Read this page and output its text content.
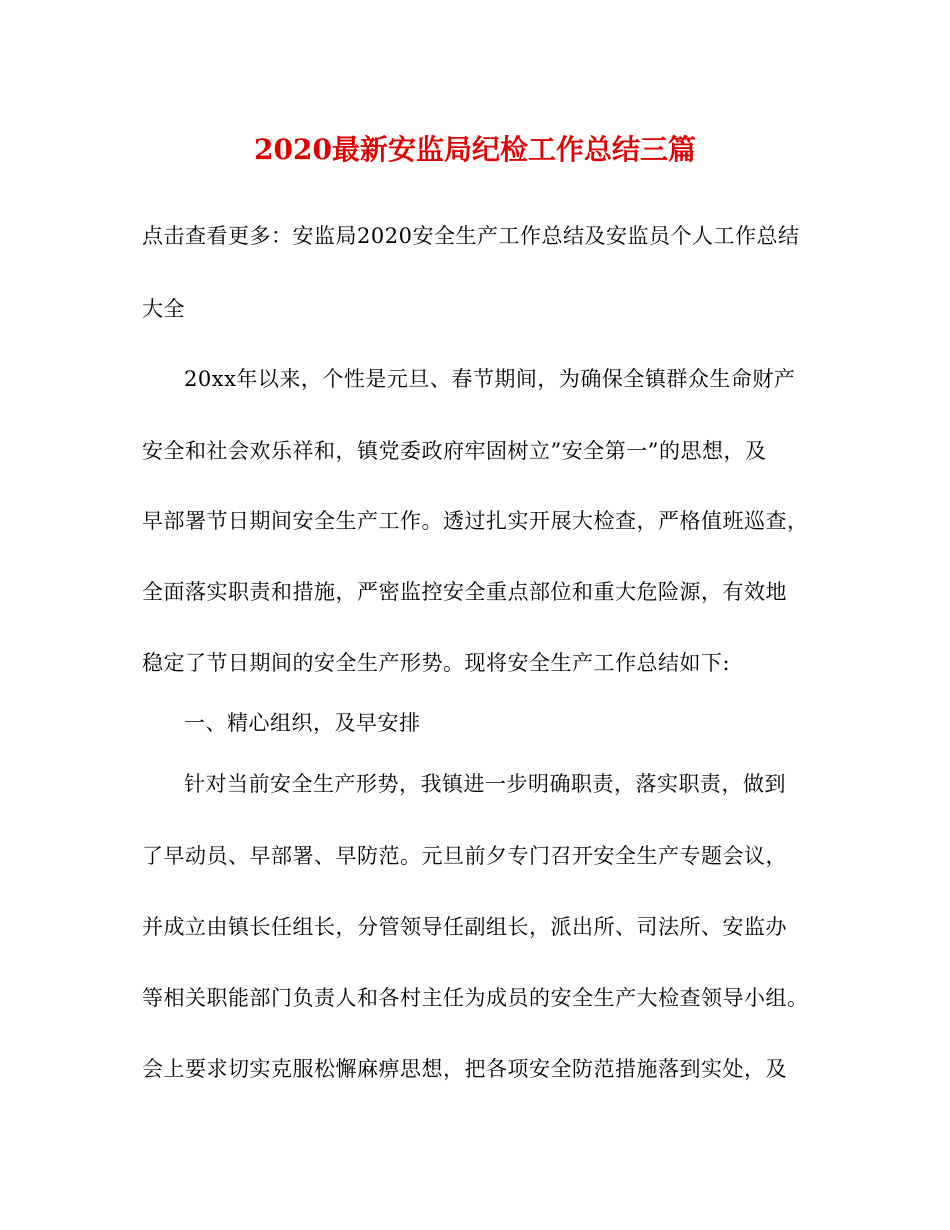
2020最新安监局纪检工作总结三篇
点击查看更多：安监局2020安全生产工作总结及安监员个人工作总结
大全
20xx年以来，个性是元旦、春节期间，为确保全镇群众生命财产
安全和社会欢乐祥和，镇党委政府牢固树立”安全第一”的思想，及
早部署节日期间安全生产工作。透过扎实开展大检查，严格值班巡查，
全面落实职责和措施，严密监控安全重点部位和重大危险源，有效地
稳定了节日期间的安全生产形势。现将安全生产工作总结如下:
一、精心组织，及早安排
针对当前安全生产形势，我镇进一步明确职责，落实职责，做到
了早动员、早部署、早防范。元旦前夕专门召开安全生产专题会议，
并成立由镇长任组长，分管领导任副组长，派出所、司法所、安监办
等相关职能部门负责人和各村主任为成员的安全生产大检查领导小组。
会上要求切实克服松懈麻痹思想，把各项安全防范措施落到实处，及
